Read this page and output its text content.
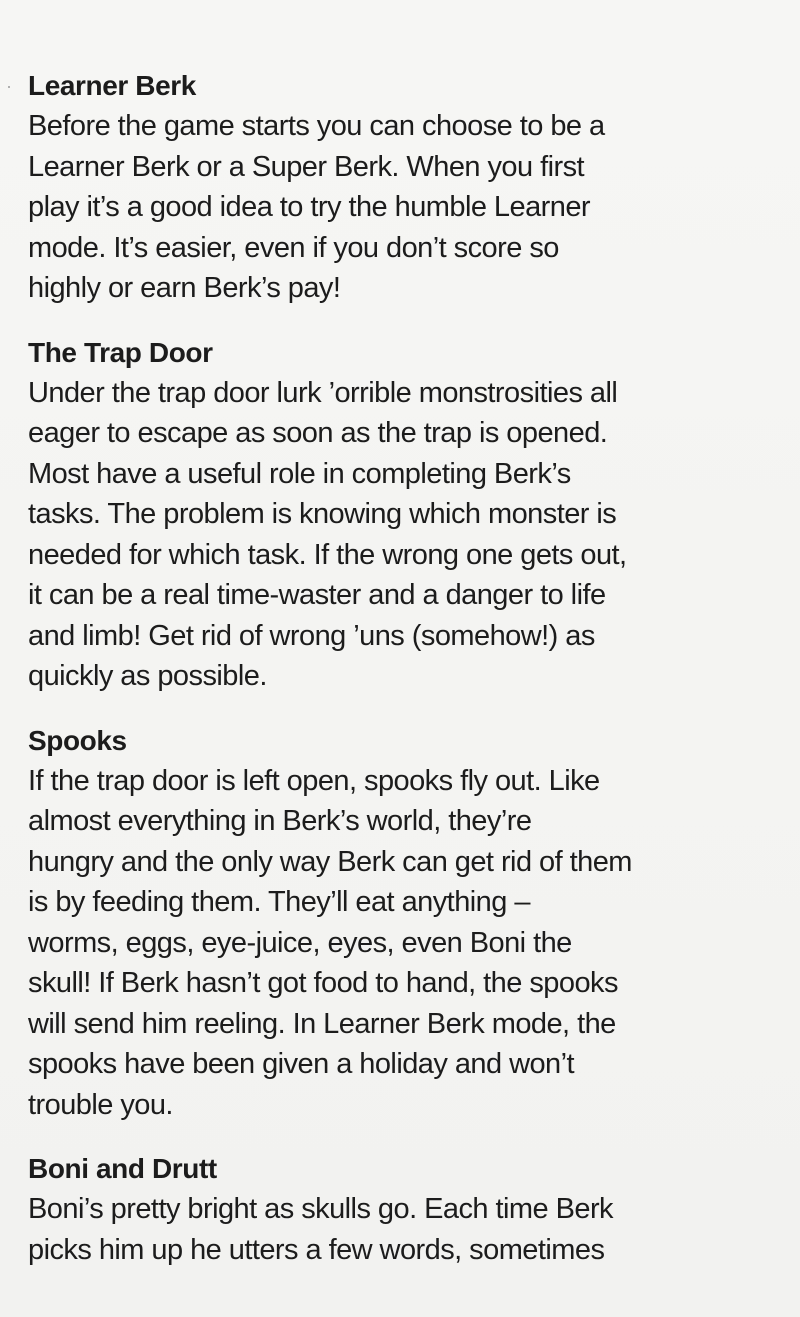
Learner Berk

Before the game starts you can choose to be a

Learner Berk or a Super Berk. When you first

play it’s a good idea to try the humble Learner

mode. It’s easier, even if you don’t score so

highly or earn Berk’s pay!

The Trap Door

Under the trap door lurk ’orrible monstrosities all

eager to escape as soon as the trap is opened.

Most have a useful role in completing Berk’s

tasks. The problem is knowing which monster is

needed for which task. If the wrong one gets out,

it can be a real time-waster and a danger to life

and limb! Get rid of wrong ’uns (somehow!) as

quickly as possible.

Spooks

If the trap door is left open, spooks fly out. Like

almost everything in Berk’s world, they’re

hungry and the only way Berk can get rid of them

is by feeding them. They’ll eat anything –

worms, eggs, eye-juice, eyes, even Boni the

skull! If Berk hasn’t got food to hand, the spooks

will send him reeling. In Learner Berk mode, the

spooks have been given a holiday and won’t

trouble you.

Boni and Drutt

Boni’s pretty bright as skulls go. Each time Berk

picks him up he utters a few words, sometimes
